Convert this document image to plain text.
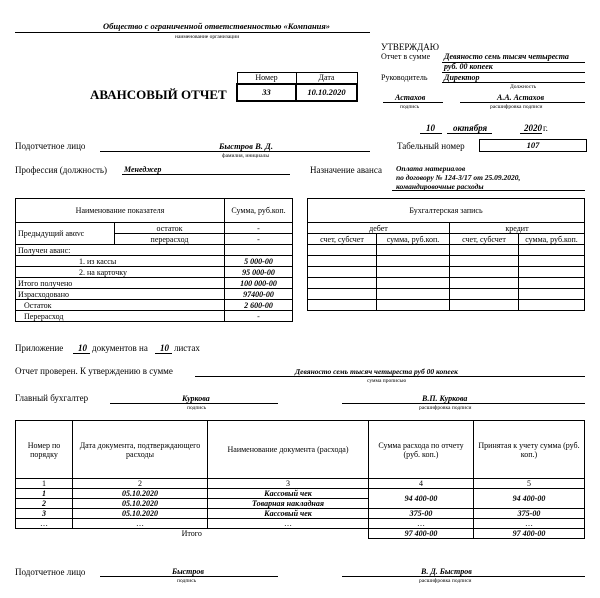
Общество с ограниченной ответственностью «Компания»
наименование организации
УТВЕРЖДАЮ
Отчет в сумме Девяносто семь тысяч четыреста
руб. 00 копеек
Руководитель Директор
Должность
Астахов	А.А. Астахов
подпись	расшифровка подписи
10 октября	2020 г.
АВАНСОВЫЙ ОТЧЕТ
Номер	Дата
33	10.10.2020
Подотчетное лицо	Быстров В. Д.
фамилия, инициалы
Табельный номер	107
Профессия (должность) Менеджер	Назначение аванса Оплата материалов
по договору № 124-3/17 от 25.09.2020,
командировочные расходы
Наименование показателя		Сумма, руб.коп.
Предыдущий авανс	остаток	-
	перерасход	-
Получен аванс:		
1. из кассы		5 000-00
2. на карточку		95 000-00
Итого получено		100 000-00
Израсходовано		97400-00
Остаток		2 600-00
Перерасход		-
Бухгалтерская запись			
дебет		кредит	
счет, субсчет	сумма, руб.коп.	счет, субсчет	сумма, руб.коп.

Приложение 10 документов на 10 листах
Отчет проверен. К утверждению в сумме	Девяносто семь тысяч четыреста руб 00 копеек
сумма прописью
Главный бухгалтер	Куркова
подпись
В.П. Куркова
расшифровка подписи
Номер по порядку	Дата документа, подтверждающего расходы	Наименование документа (расхода)	Сумма расхода по отчету (руб. коп.)	Принятая к учету сумма (руб. коп.)
1	2	3	4	5
1	05.10.2020	Кассовый чек	94 400-00	94 400-00
2	05.10.2020	Товарная накладная		
3	05.10.2020	Кассовый чек	375-00	375-00
…	…	…	…	…
Итого			97 400-00	97 400-00
Подотчетное лицо	Быстров
подпись
В. Д. Быстров
расшифровка подписи
